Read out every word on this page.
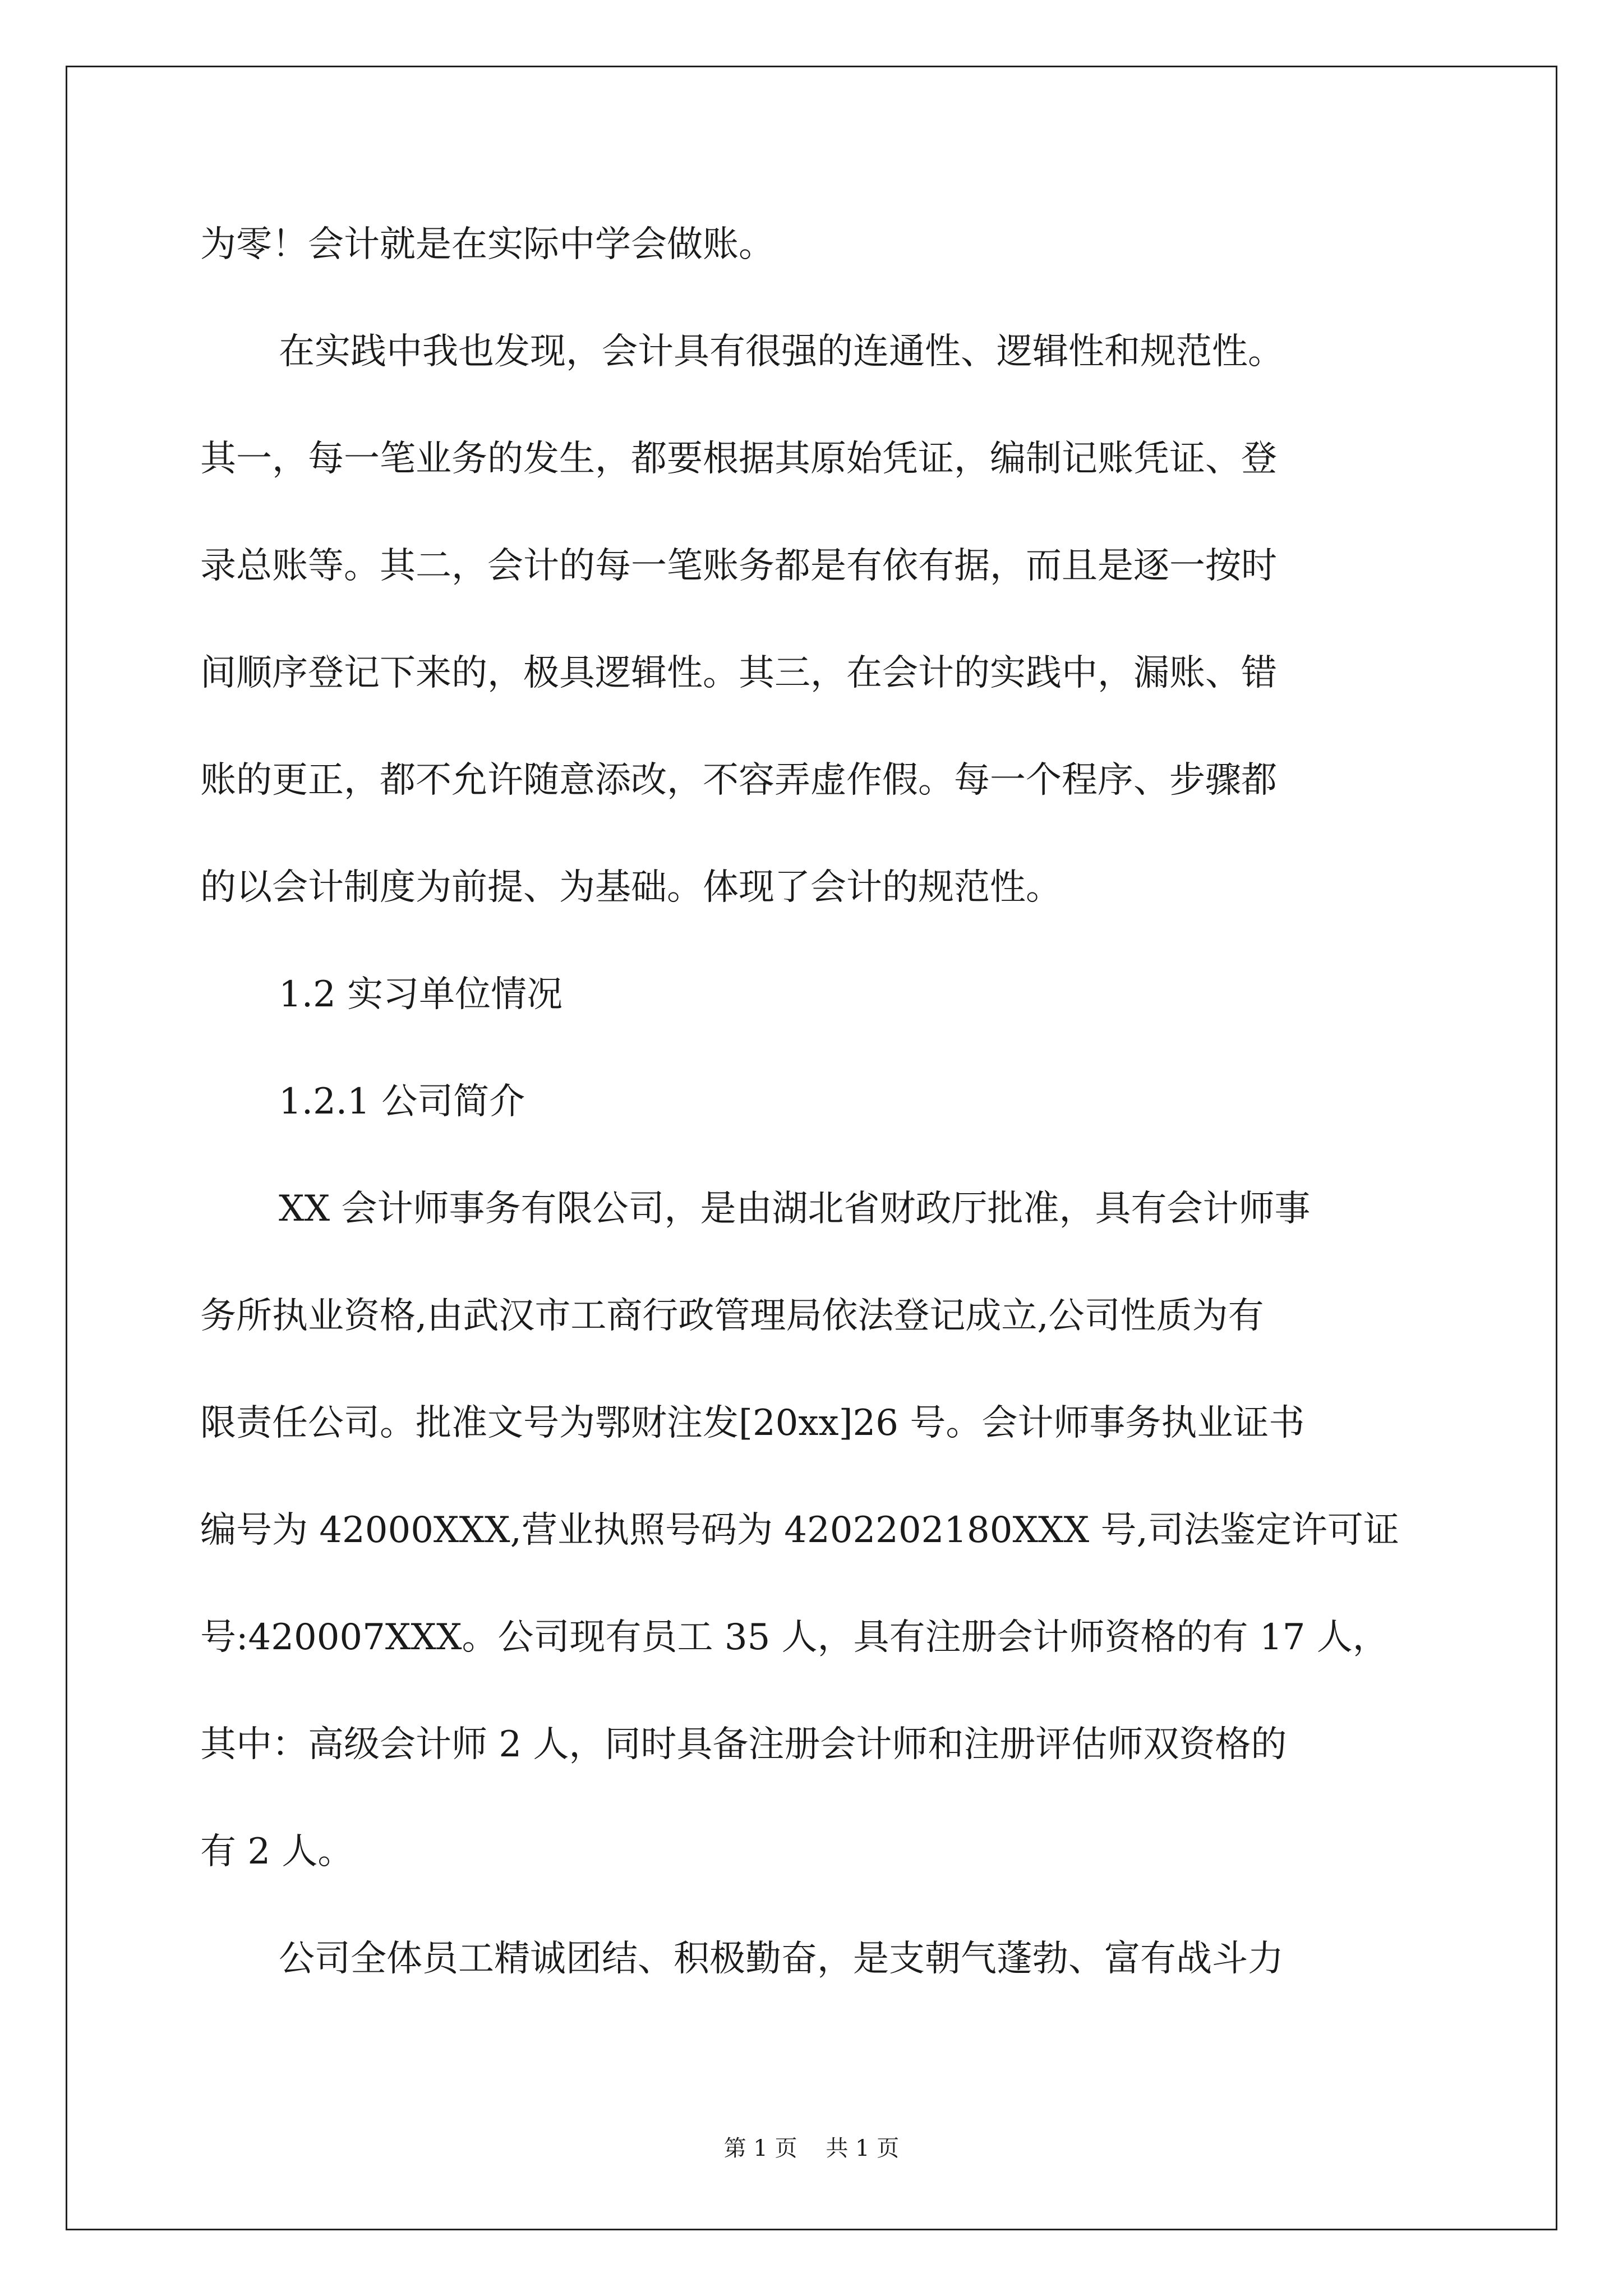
为零！会计就是在实际中学会做账。
在实践中我也发现，会计具有很强的连通性、逻辑性和规范性。
其一，每一笔业务的发生，都要根据其原始凭证，编制记账凭证、登
录总账等。其二，会计的每一笔账务都是有依有据，而且是逐一按时
间顺序登记下来的，极具逻辑性。其三，在会计的实践中，漏账、错
账的更正，都不允许随意添改，不容弄虚作假。每一个程序、步骤都
的以会计制度为前提、为基础。体现了会计的规范性。
1.2 实习单位情况
1.2.1 公司简介
XX 会计师事务有限公司，是由湖北省财政厅批准，具有会计师事
务所执业资格,由武汉市工商行政管理局依法登记成立,公司性质为有
限责任公司。批准文号为鄂财注发[20xx]26 号。会计师事务执业证书
编号为 42000XXX,营业执照号码为 4202202180XXX 号,司法鉴定许可证
号:420007XXX。公司现有员工 35 人，具有注册会计师资格的有 17 人，
其中：高级会计师 2 人，同时具备注册会计师和注册评估师双资格的
有 2 人。
公司全体员工精诚团结、积极勤奋，是支朝气蓬勃、富有战斗力
第 1 页    共 1 页
